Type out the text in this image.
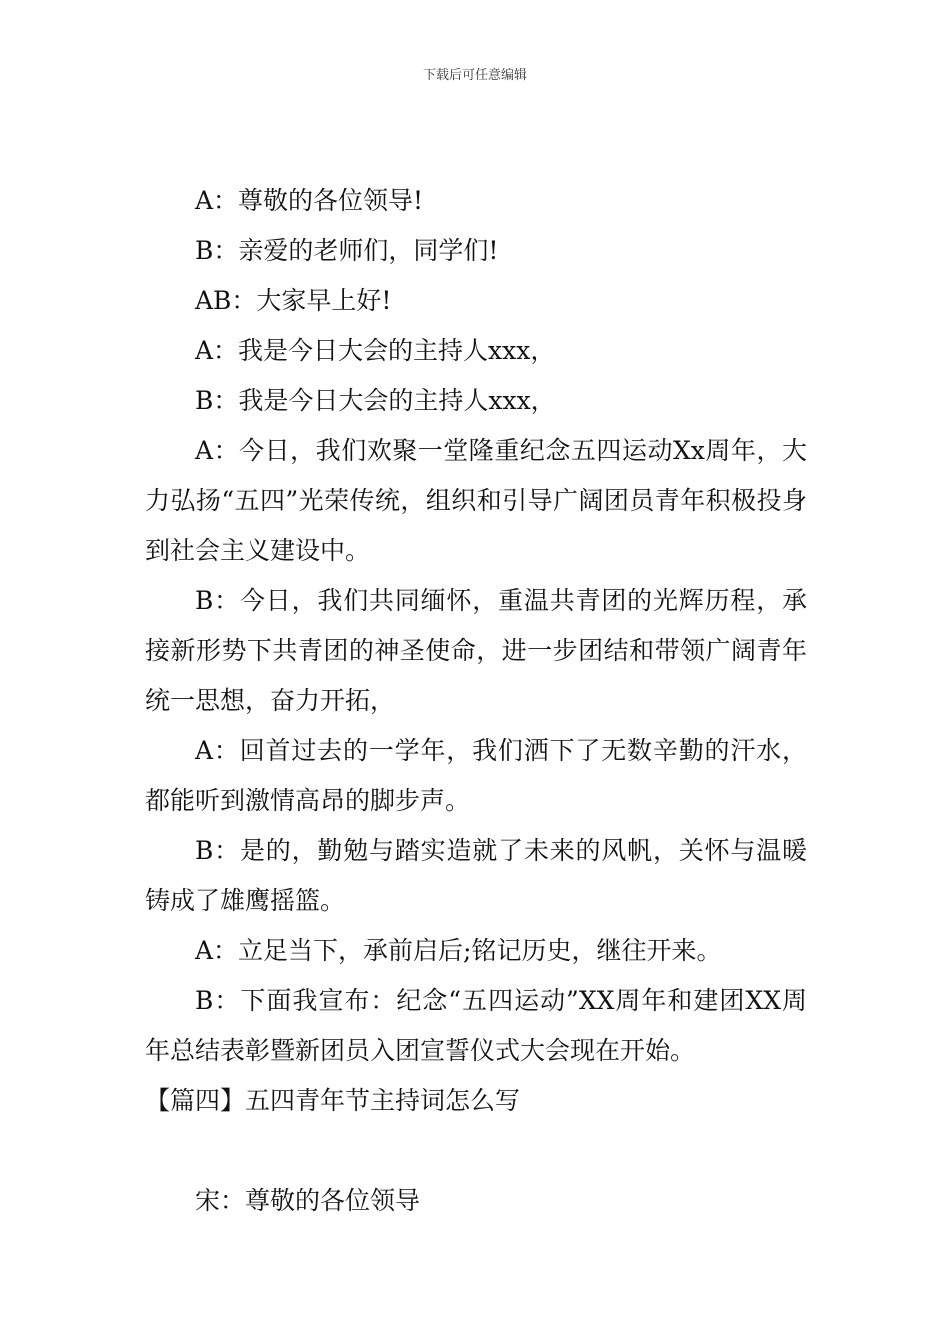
下载后可任意编辑

A：尊敬的各位领导!

B：亲爱的老师们，同学们!

AB：大家早上好!

A：我是今日大会的主持人xxx，

B：我是今日大会的主持人xxx，

A：今日，我们欢聚一堂隆重纪念五四运动Xx周年，大力弘扬“五四”光荣传统，组织和引导广阔团员青年积极投身到社会主义建设中。

B：今日，我们共同缅怀，重温共青团的光辉历程，承接新形势下共青团的神圣使命，进一步团结和带领广阔青年统一思想，奋力开拓，

A：回首过去的一学年，我们洒下了无数辛勤的汗水，都能听到激情高昂的脚步声。

B：是的，勤勉与踏实造就了未来的风帆，关怀与温暖铸成了雄鹰摇篮。

A：立足当下，承前启后;铭记历史，继往开来。

B：下面我宣布：纪念“五四运动”XX周年和建团XX周年总结表彰暨新团员入团宣誓仪式大会现在开始。

【篇四】五四青年节主持词怎么写

宋：尊敬的各位领导
